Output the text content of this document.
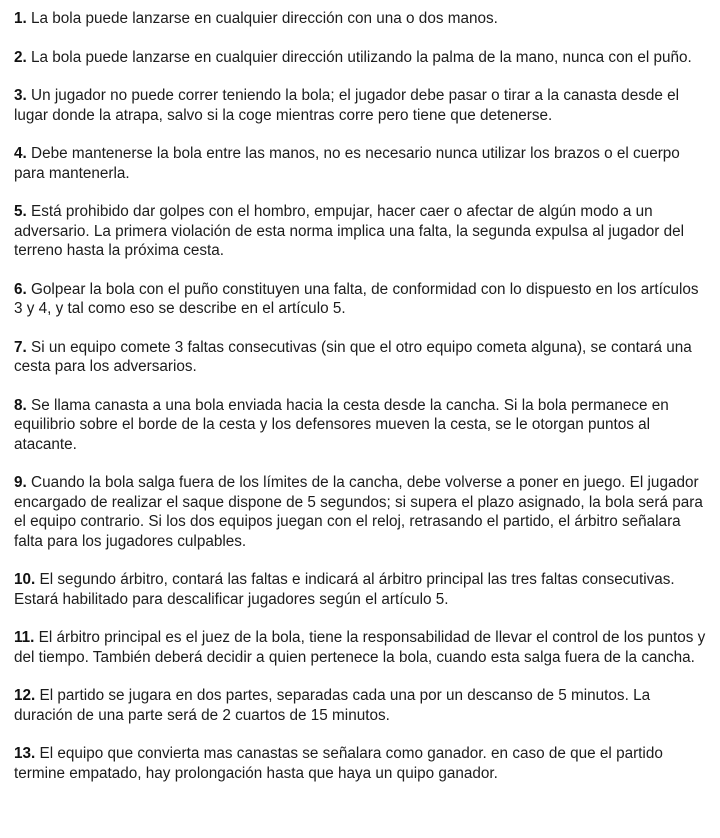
1. La bola puede lanzarse en cualquier dirección con una o dos manos.

2. La bola puede lanzarse en cualquier dirección utilizando la palma de la mano, nunca con el puño.

3. Un jugador no puede correr teniendo la bola; el jugador debe pasar o tirar a la canasta desde el lugar donde la atrapa, salvo si la coge mientras corre pero tiene que detenerse.

4. Debe mantenerse la bola entre las manos, no es necesario nunca utilizar los brazos o el cuerpo para mantenerla.

5. Está prohibido dar golpes con el hombro, empujar, hacer caer o afectar de algún modo a un adversario. La primera violación de esta norma implica una falta, la segunda expulsa al jugador del terreno hasta la próxima cesta.

6. Golpear la bola con el puño constituyen una falta, de conformidad con lo dispuesto en los artículos 3 y 4, y tal como eso se describe en el artículo 5.

7. Si un equipo comete 3 faltas consecutivas (sin que el otro equipo cometa alguna), se contará una cesta para los adversarios.

8. Se llama canasta a una bola enviada hacia la cesta desde la cancha. Si la bola permanece en equilibrio sobre el borde de la cesta y los defensores mueven la cesta, se le otorgan puntos al atacante.

9. Cuando la bola salga fuera de los límites de la cancha, debe volverse a poner en juego. El jugador encargado de realizar el saque dispone de 5 segundos; si supera el plazo asignado, la bola será para el equipo contrario. Si los dos equipos juegan con el reloj, retrasando el partido, el árbitro señalara falta para los jugadores culpables.

10. El segundo árbitro, contará las faltas e indicará al árbitro principal las tres faltas consecutivas. Estará habilitado para descalificar jugadores según el artículo 5.

11. El árbitro principal es el juez de la bola, tiene la responsabilidad de llevar el control de los puntos y del tiempo. También deberá decidir a quien pertenece la bola, cuando esta salga fuera de la cancha.

12. El partido se jugara en dos partes, separadas cada una por un descanso de 5 minutos. La duración de una parte será de 2 cuartos de 15 minutos.

13. El equipo que convierta mas canastas se señalara como ganador. en caso de que el partido termine empatado, hay prolongación hasta que haya un quipo ganador.
